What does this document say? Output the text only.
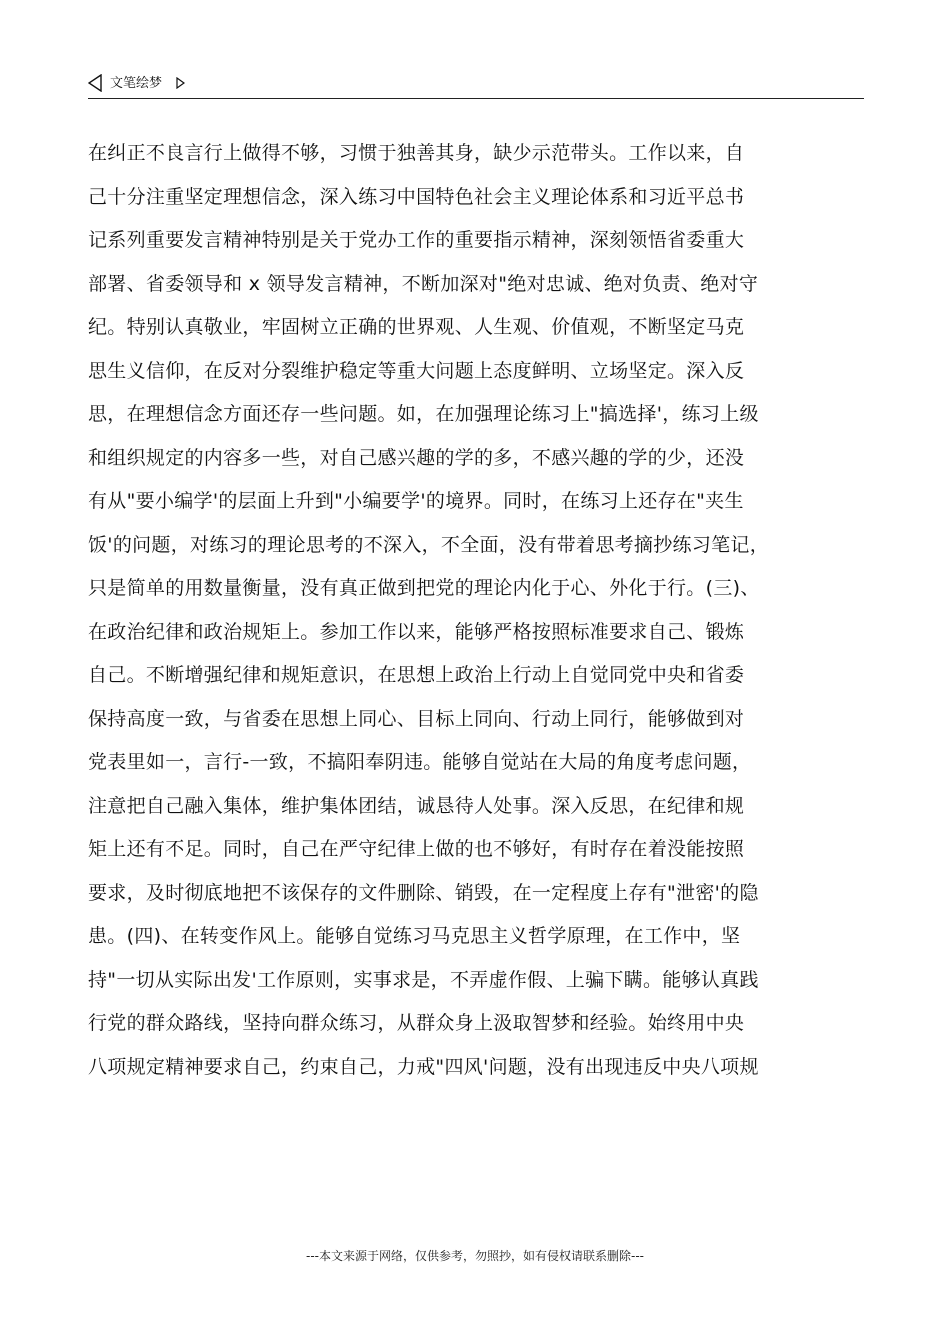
文笔绘梦
在纠正不良言行上做得不够，习惯于独善其身，缺少示范带头。工作以来，自
己十分注重坚定理想信念，深入练习中国特色社会主义理论体系和习近平总书
记系列重要发言精神特别是关于党办工作的重要指示精神，深刻领悟省委重大
部署、省委领导和 x 领导发言精神，不断加深对"绝对忠诚、绝对负责、绝对守
纪。特别认真敬业，牢固树立正确的世界观、人生观、价值观，不断坚定马克
思生义信仰，在反对分裂维护稳定等重大问题上态度鲜明、立场坚定。深入反
思，在理想信念方面还存一些问题。如，在加强理论练习上"搞选择'，练习上级
和组织规定的内容多一些，对自己感兴趣的学的多，不感兴趣的学的少，还没
有从"要小编学'的层面上升到"小编要学'的境界。同时，在练习上还存在"夹生
饭'的问题，对练习的理论思考的不深入，不全面，没有带着思考摘抄练习笔记，
只是简单的用数量衡量，没有真正做到把党的理论内化于心、外化于行。(三)、
在政治纪律和政治规矩上。参加工作以来，能够严格按照标准要求自己、锻炼
自己。不断增强纪律和规矩意识，在思想上政治上行动上自觉同党中央和省委
保持高度一致，与省委在思想上同心、目标上同向、行动上同行，能够做到对
党表里如一，言行-一致，不搞阳奉阴违。能够自觉站在大局的角度考虑问题，
注意把自己融入集体，维护集体团结，诚恳待人处事。深入反思，在纪律和规
矩上还有不足。同时，自己在严守纪律上做的也不够好，有时存在着没能按照
要求，及时彻底地把不该保存的文件删除、销毁，在一定程度上存有"泄密'的隐
患。(四)、在转变作风上。能够自觉练习马克思主义哲学原理，在工作中，坚
持"一切从实际出发'工作原则，实事求是，不弄虚作假、上骗下瞒。能够认真践
行党的群众路线，坚持向群众练习，从群众身上汲取智梦和经验。始终用中央
八项规定精神要求自己，约束自己，力戒"四风'问题，没有出现违反中央八项规
---本文来源于网络，仅供参考，勿照抄，如有侵权请联系删除---
